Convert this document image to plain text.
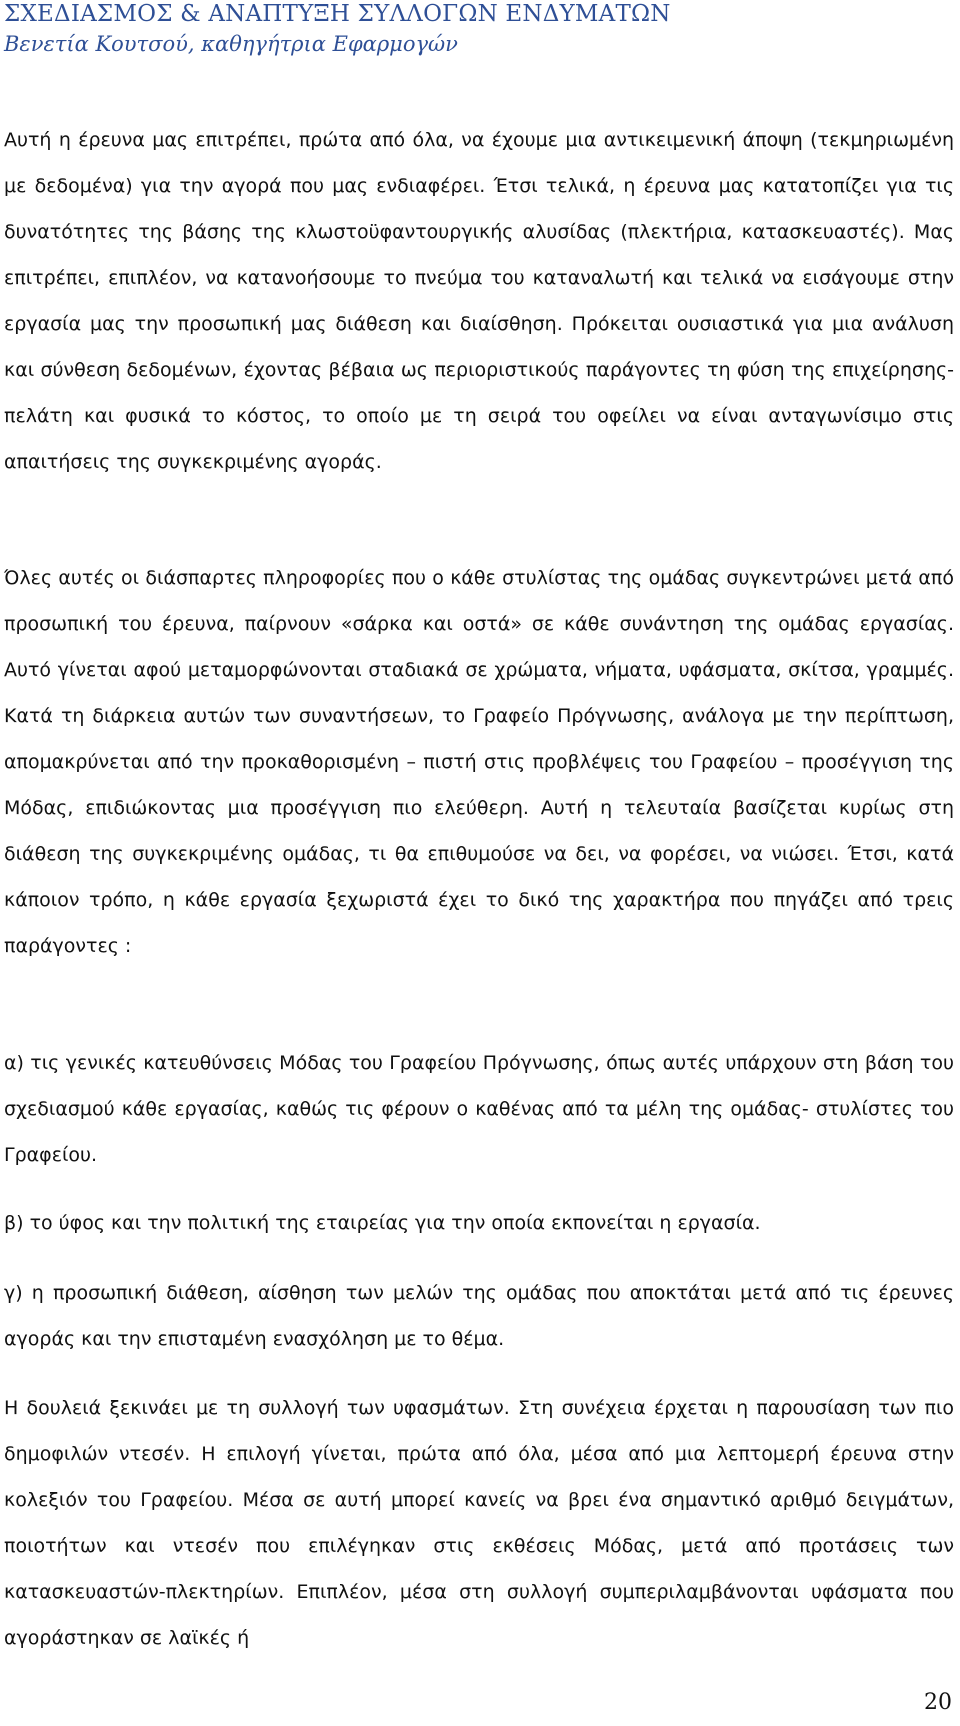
ΣΧΕΔΙΑΣΜΟΣ & ΑΝΑΠΤΥΞΗ ΣΥΛΛΟΓΩΝ ΕΝΔΥΜΑΤΩΝ
Βενετία Κουτσού, καθηγήτρια Εφαρμογών

Αυτή η έρευνα μας επιτρέπει, πρώτα από όλα, να έχουμε μια αντικειμενική άποψη (τεκμηριωμένη με δεδομένα) για την αγορά που μας ενδιαφέρει. Έτσι τελικά, η έρευνα μας κατατοπίζει για τις δυνατότητες της βάσης της κλωστοϋφαντουργικής αλυσίδας (πλεκτήρια, κατασκευαστές). Μας επιτρέπει, επιπλέον, να κατανοήσουμε το πνεύμα του καταναλωτή και τελικά να εισάγουμε στην εργασία μας την προσωπική μας διάθεση και διαίσθηση. Πρόκειται ουσιαστικά για μια ανάλυση και σύνθεση δεδομένων, έχοντας βέβαια ως περιοριστικούς παράγοντες τη φύση της επιχείρησης-πελάτη και φυσικά το κόστος, το οποίο με τη σειρά του οφείλει να είναι ανταγωνίσιμο στις απαιτήσεις της συγκεκριμένης αγοράς.

Όλες αυτές οι διάσπαρτες πληροφορίες που ο κάθε στυλίστας της ομάδας συγκεντρώνει μετά από προσωπική του έρευνα, παίρνουν «σάρκα και οστά» σε κάθε συνάντηση της ομάδας εργασίας. Αυτό γίνεται αφού μεταμορφώνονται σταδιακά σε χρώματα, νήματα, υφάσματα, σκίτσα, γραμμές. Κατά τη διάρκεια αυτών των συναντήσεων, το Γραφείο Πρόγνωσης, ανάλογα με την περίπτωση, απομακρύνεται από την προκαθορισμένη – πιστή στις προβλέψεις του Γραφείου – προσέγγιση της Μόδας, επιδιώκοντας μια προσέγγιση πιο ελεύθερη. Αυτή η τελευταία βασίζεται κυρίως στη διάθεση της συγκεκριμένης ομάδας, τι θα επιθυμούσε να δει, να φορέσει, να νιώσει. Έτσι, κατά κάποιον τρόπο, η κάθε εργασία ξεχωριστά έχει το δικό της χαρακτήρα που πηγάζει από τρεις παράγοντες :

α) τις γενικές κατευθύνσεις Μόδας του Γραφείου Πρόγνωσης, όπως αυτές υπάρχουν στη βάση του σχεδιασμού κάθε εργασίας, καθώς τις φέρουν ο καθένας από τα μέλη της ομάδας- στυλίστες του Γραφείου.

β) το ύφος και την πολιτική της εταιρείας για την οποία εκπονείται η εργασία.

γ) η προσωπική διάθεση, αίσθηση των μελών της ομάδας που αποκτάται μετά από τις έρευνες αγοράς και την επισταμένη ενασχόληση με το θέμα.

Η δουλειά ξεκινάει με τη συλλογή των υφασμάτων. Στη συνέχεια έρχεται η παρουσίαση των πιο δημοφιλών ντεσέν. Η επιλογή γίνεται, πρώτα από όλα, μέσα από μια λεπτομερή έρευνα στην κολεξιόν του Γραφείου. Μέσα σε αυτή μπορεί κανείς να βρει ένα σημαντικό αριθμό δειγμάτων, ποιοτήτων και ντεσέν που επιλέγηκαν στις εκθέσεις Μόδας, μετά από προτάσεις των κατασκευαστών-πλεκτηρίων. Επιπλέον, μέσα στη συλλογή συμπεριλαμβάνονται υφάσματα που αγοράστηκαν σε λαϊκές ή

20
